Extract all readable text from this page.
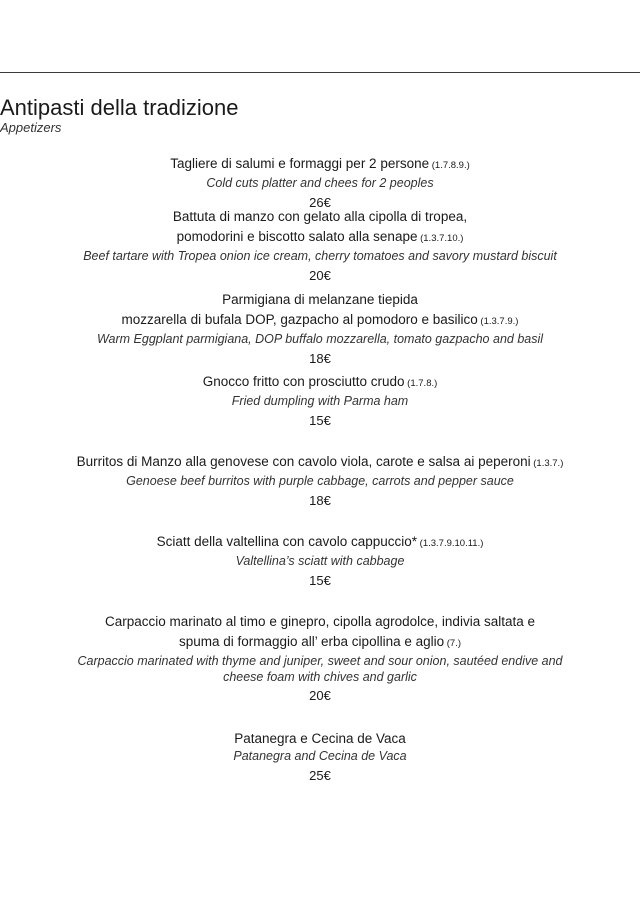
Antipasti della tradizione
Appetizers
Tagliere di salumi e formaggi per 2 persone (1.7.8.9.)
Cold cuts platter and chees for 2 peoples
26€
Battuta di manzo con gelato alla cipolla di tropea,
pomodorini e biscotto salato alla senape (1.3.7.10.)
Beef tartare with Tropea onion ice cream, cherry tomatoes and savory mustard biscuit
20€
Parmigiana di melanzane tiepida
mozzarella di bufala DOP, gazpacho al pomodoro e basilico (1.3.7.9.)
Warm Eggplant parmigiana, DOP buffalo mozzarella, tomato gazpacho and basil
18€
Gnocco fritto con prosciutto crudo (1.7.8.)
Fried dumpling with Parma ham
15€
Burritos di Manzo alla genovese con cavolo viola, carote e salsa ai peperoni (1.3.7.)
Genoese beef burritos with purple cabbage, carrots and pepper sauce
18€
Sciatt della valtellina con cavolo cappuccio* (1.3.7.9.10.11.)
Valtellina’s sciatt with cabbage
15€
Carpaccio marinato al timo e ginepro, cipolla agrodolce, indivia saltata e
spuma di formaggio all’ erba cipollina e aglio (7.)
Carpaccio marinated with thyme and juniper, sweet and sour onion, sautéed endive and
cheese foam with chives and garlic
20€
Patanegra e Cecina de Vaca
Patanegra and Cecina de Vaca
25€
